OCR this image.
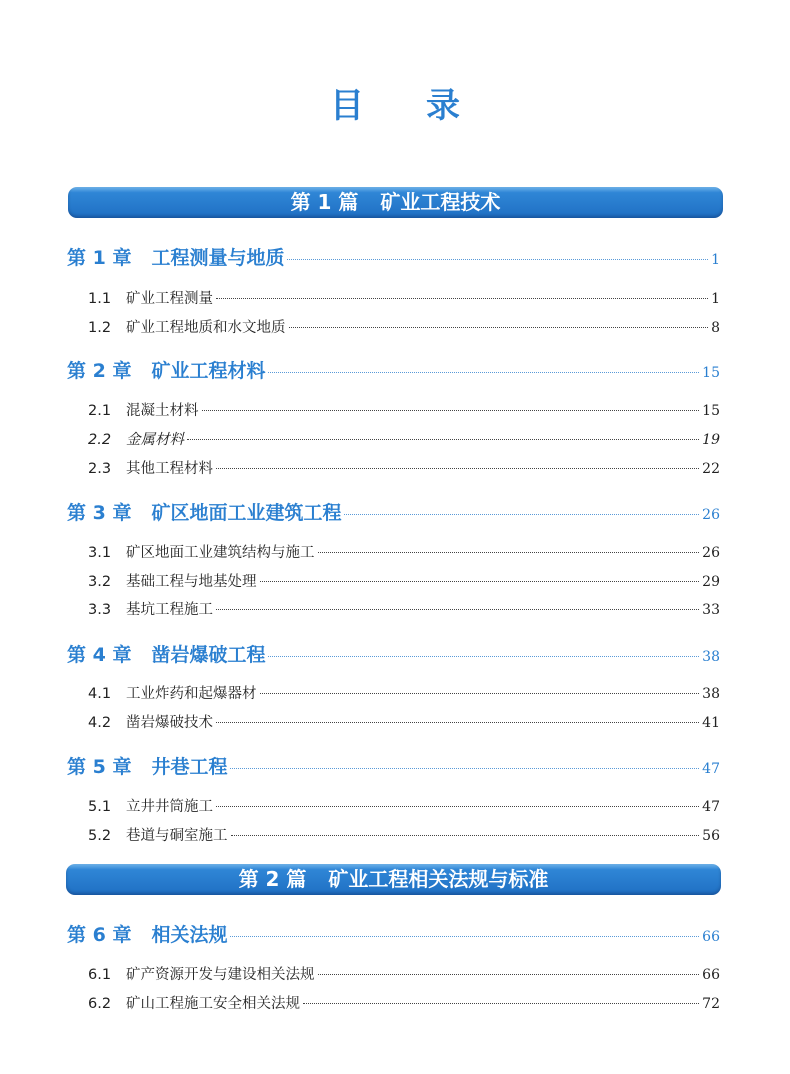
目录
第 1 篇 矿业工程技术
第 1 章 工程测量与地质	1
1.1	矿业工程测量	1
1.2	矿业工程地质和水文地质	8
第 2 章 矿业工程材料	15
2.1	混凝土材料	15
2.2	金属材料	19
2.3	其他工程材料	22
第 3 章 矿区地面工业建筑工程	26
3.1	矿区地面工业建筑结构与施工	26
3.2	基础工程与地基处理	29
3.3	基坑工程施工	33
第 4 章 凿岩爆破工程	38
4.1	工业炸药和起爆器材	38
4.2	凿岩爆破技术	41
第 5 章 井巷工程	47
5.1	立井井筒施工	47
5.2	巷道与硐室施工	56
第 2 篇 矿业工程相关法规与标准
第 6 章 相关法规	66
6.1	矿产资源开发与建设相关法规	66
6.2	矿山工程施工安全相关法规	72
